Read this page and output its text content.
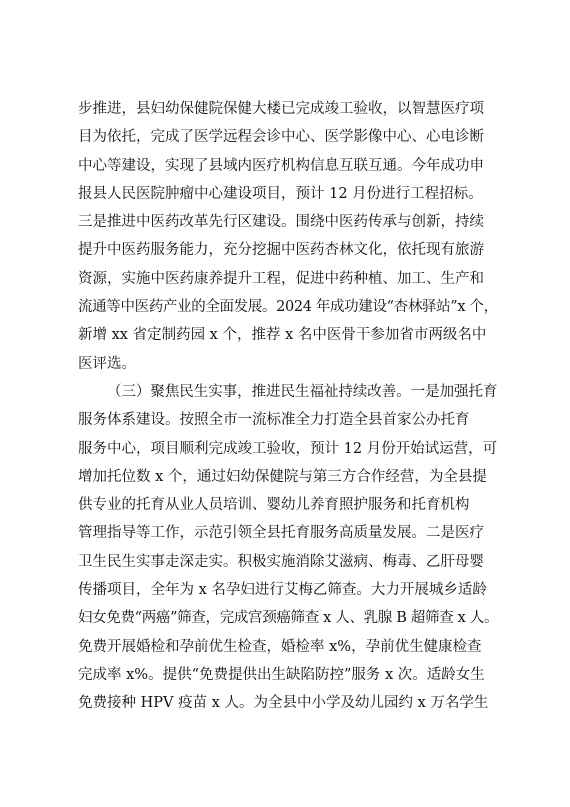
步推进，县妇幼保健院保健大楼已完成竣工验收，以智慧医疗项
目为依托，完成了医学远程会诊中心、医学影像中心、心电诊断
中心等建设，实现了县域内医疗机构信息互联互通。今年成功申
报县人民医院肿瘤中心建设项目，预计 12 月份进行工程招标。
三是推进中医药改革先行区建设。围绕中医药传承与创新，持续
提升中医药服务能力，充分挖掘中医药杏林文化，依托现有旅游
资源，实施中医药康养提升工程，促进中药种植、加工、生产和
流通等中医药产业的全面发展。2024 年成功建设“杏林驿站”x 个，
新增 xx 省定制药园 x 个，推荐 x 名中医骨干参加省市两级名中
医评选。
（三）聚焦民生实事，推进民生福祉持续改善。一是加强托育
服务体系建设。按照全市一流标准全力打造全县首家公办托育
服务中心，项目顺利完成竣工验收，预计 12 月份开始试运营，可
增加托位数 x 个，通过妇幼保健院与第三方合作经营，为全县提
供专业的托育从业人员培训、婴幼儿养育照护服务和托育机构
管理指导等工作，示范引领全县托育服务高质量发展。二是医疗
卫生民生实事走深走实。积极实施消除艾滋病、梅毒、乙肝母婴
传播项目，全年为 x 名孕妇进行艾梅乙筛查。大力开展城乡适龄
妇女免费“两癌”筛查，完成宫颈癌筛查 x 人、乳腺 B 超筛查 x 人。
免费开展婚检和孕前优生检查，婚检率 x%，孕前优生健康检查
完成率 x%。提供“免费提供出生缺陷防控”服务 x 次。适龄女生
免费接种 HPV 疫苗 x 人。为全县中小学及幼儿园约 x 万名学生
